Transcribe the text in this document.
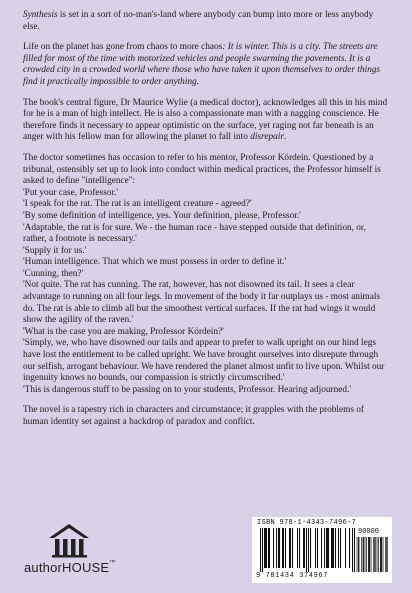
Synthesis is set in a sort of no-man's-land where anybody can bump into more or less anybody else.

Life on the planet has gone from chaos to more chaos: It is winter. This is a city. The streets are filled for most of the time with motorized vehicles and people swarming the pavements. It is a crowded city in a crowded world where those who have taken it upon themselves to order things find it practically impossible to order anything.

The book's central figure, Dr Maurice Wylie (a medical doctor), acknowledges all this in his mind for he is a man of high intellect. He is also a compassionate man with a nagging conscience. He therefore finds it necessary to appear optimistic on the surface, yet raging not far beneath is an anger with his fellow man for allowing the planet to fall into disrepair.

The doctor sometimes has occasion to refer to his mentor, Professor Kördein. Questioned by a tribunal, ostensibly set up to look into conduct within medical practices, the Professor himself is asked to define "intelligence":

'Put your case, Professor.'
'I speak for the rat. The rat is an intelligent creature - agreed?'
'By some definition of intelligence, yes. Your definition, please, Professor.'
'Adaptable, the rat is for sure. We - the human race - have stepped outside that definition, or, rather, a footnote is necessary.'
'Supply it for us.'
'Human intelligence. That which we must possess in order to define it.'
'Cunning, then?'
'Not quite. The rat has cunning. The rat, however, has not disowned its tail. It sees a clear advantage to running on all four legs. In movement of the body it far outplays us - most animals do. The rat is able to climb all but the smoothest vertical surfaces. If the rat had wings it would show the agility of the raven.'
'What is the case you are making, Professor Kördein?'
'Simply, we, who have disowned our tails and appear to prefer to walk upright on our hind legs have lost the entitlement to be called upright. We have brought ourselves into disrepute through our selfish, arrogant behaviour. We have rendered the planet almost unfit to live upon. Whilst our ingenuity knows no bounds, our compassion is strictly circumscribed.'
'This is dangerous stuff to be passing on to your students, Professor. Hearing adjourned.'

The novel is a tapestry rich in characters and circumstance; it grapples with the problems of human identity set against a backdrop of paradox and conflict.

authorHOUSE™
ISBN 978-1-4343-7496-7
90000
9 781434 374967
